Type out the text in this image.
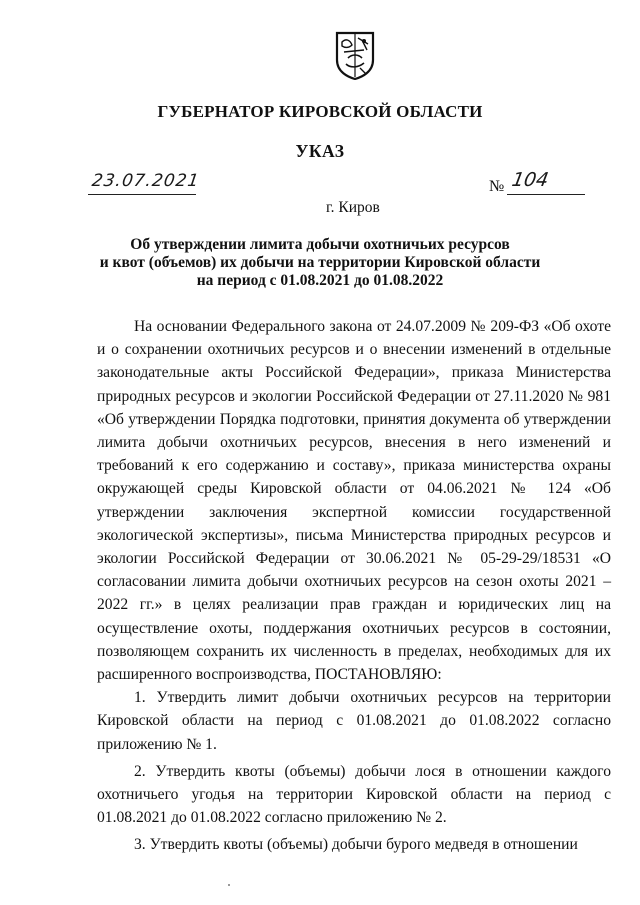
ГУБЕРНАТОР КИРОВСКОЙ ОБЛАСТИ
УКАЗ
23.07.2021	№ 104
г. Киров
Об утверждении лимита добычи охотничьих ресурсов
и квот (объемов) их добычи на территории Кировской области
на период с 01.08.2021 до 01.08.2022

На основании Федерального закона от 24.07.2009 № 209-ФЗ «Об охоте и о сохранении охотничьих ресурсов и о внесении изменений в отдельные законодательные акты Российской Федерации», приказа Министерства природных ресурсов и экологии Российской Федерации от 27.11.2020 № 981 «Об утверждении Порядка подготовки, принятия документа об утверждении лимита добычи охотничьих ресурсов, внесения в него изменений и требований к его содержанию и составу», приказа министерства охраны окружающей среды Кировской области от 04.06.2021 № 124 «Об утверждении заключения экспертной комиссии государственной экологической экспертизы», письма Министерства природных ресурсов и экологии Российской Федерации от 30.06.2021 № 05-29-29/18531 «О согласовании лимита добычи охотничьих ресурсов на сезон охоты 2021 – 2022 гг.» в целях реализации прав граждан и юридических лиц на осуществление охоты, поддержания охотничьих ресурсов в состоянии, позволяющем сохранить их численность в пределах, необходимых для их расширенного воспроизводства, ПОСТАНОВЛЯЮ:

1. Утвердить лимит добычи охотничьих ресурсов на территории Кировской области на период с 01.08.2021 до 01.08.2022 согласно приложению № 1.

2. Утвердить квоты (объемы) добычи лося в отношении каждого охотничьего угодья на территории Кировской области на период с 01.08.2021 до 01.08.2022 согласно приложению № 2.

3. Утвердить квоты (объемы) добычи бурого медведя в отношении
